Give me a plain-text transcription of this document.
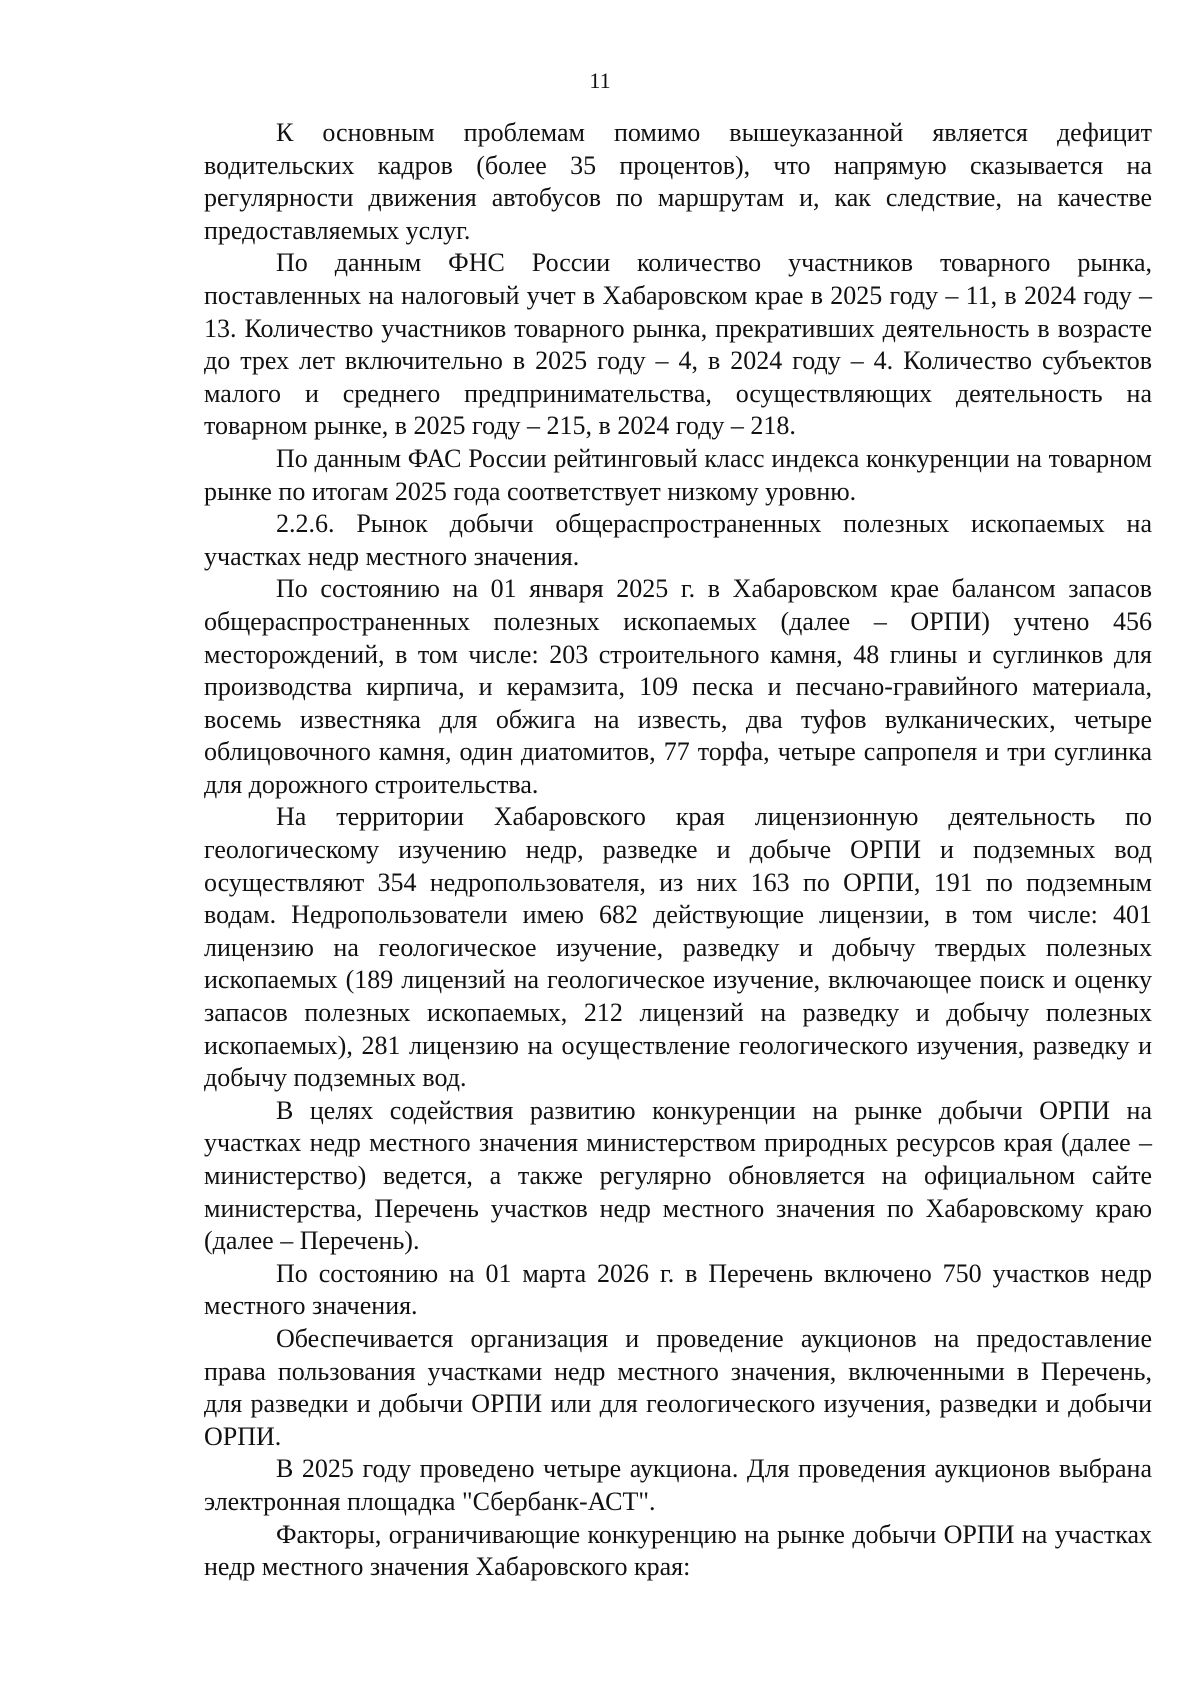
11

К основным проблемам помимо вышеуказанной является дефицит водительских кадров (более 35 процентов), что напрямую сказывается на регулярности движения автобусов по маршрутам и, как следствие, на качестве предоставляемых услуг.

По данным ФНС России количество участников товарного рынка, поставленных на налоговый учет в Хабаровском крае в 2025 году – 11, в 2024 году – 13. Количество участников товарного рынка, прекративших деятельность в возрасте до трех лет включительно в 2025 году – 4, в 2024 году – 4. Количество субъектов малого и среднего предпринимательства, осуществляющих деятельность на товарном рынке, в 2025 году – 215, в 2024 году – 218.

По данным ФАС России рейтинговый класс индекса конкуренции на товарном рынке по итогам 2025 года соответствует низкому уровню.

2.2.6. Рынок добычи общераспространенных полезных ископаемых на участках недр местного значения.

По состоянию на 01 января 2025 г. в Хабаровском крае балансом запасов общераспространенных полезных ископаемых (далее – ОРПИ) учтено 456 месторождений, в том числе: 203 строительного камня, 48 глины и суглинков для производства кирпича, и керамзита, 109 песка и песчано-гравийного материала, восемь известняка для обжига на известь, два туфов вулканических, четыре облицовочного камня, один диатомитов, 77 торфа, четыре сапропеля и три суглинка для дорожного строительства.

На территории Хабаровского края лицензионную деятельность по геологическому изучению недр, разведке и добыче ОРПИ и подземных вод осуществляют 354 недропользователя, из них 163 по ОРПИ, 191 по подземным водам. Недропользователи имею 682 действующие лицензии, в том числе: 401 лицензию на геологическое изучение, разведку и добычу твердых полезных ископаемых (189 лицензий на геологическое изучение, включающее поиск и оценку запасов полезных ископаемых, 212 лицензий на разведку и добычу полезных ископаемых), 281 лицензию на осуществление геологического изучения, разведку и добычу подземных вод.

В целях содействия развитию конкуренции на рынке добычи ОРПИ на участках недр местного значения министерством природных ресурсов края (далее – министерство) ведется, а также регулярно обновляется на официальном сайте министерства, Перечень участков недр местного значения по Хабаровскому краю (далее – Перечень).

По состоянию на 01 марта 2026 г. в Перечень включено 750 участков недр местного значения.

Обеспечивается организация и проведение аукционов на предоставление права пользования участками недр местного значения, включенными в Перечень, для разведки и добычи ОРПИ или для геологического изучения, разведки и добычи ОРПИ.

В 2025 году проведено четыре аукциона. Для проведения аукционов выбрана электронная площадка "Сбербанк-АСТ".

Факторы, ограничивающие конкуренцию на рынке добычи ОРПИ на участках недр местного значения Хабаровского края:
